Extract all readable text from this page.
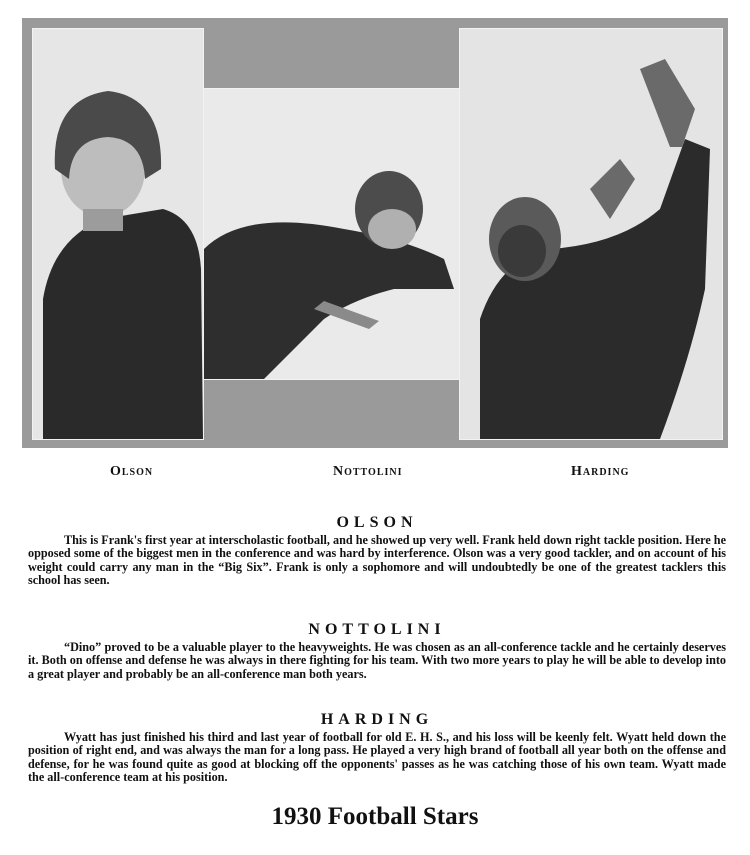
Olson	Nottolini	Harding
OLSON

This is Frank's first year at interscholastic football, and he showed up very well. Frank held down right tackle position. Here he opposed some of the biggest men in the conference and was hard by interference. Olson was a very good tackler, and on account of his weight could carry any man in the “Big Six”. Frank is only a sophomore and will undoubtedly be one of the greatest tacklers this school has seen.

NOTTOLINI

“Dino” proved to be a valuable player to the heavyweights. He was chosen as an all-conference tackle and he certainly deserves it. Both on offense and defense he was always in there fighting for his team. With two more years to play he will be able to develop into a great player and probably be an all-conference man both years.

HARDING

Wyatt has just finished his third and last year of football for old E. H. S., and his loss will be keenly felt. Wyatt held down the position of right end, and was always the man for a long pass. He played a very high brand of football all year both on the offense and defense, for he was found quite as good at blocking off the opponents' passes as he was catching those of his own team. Wyatt made the all-conference team at his position.

1930 Football Stars
